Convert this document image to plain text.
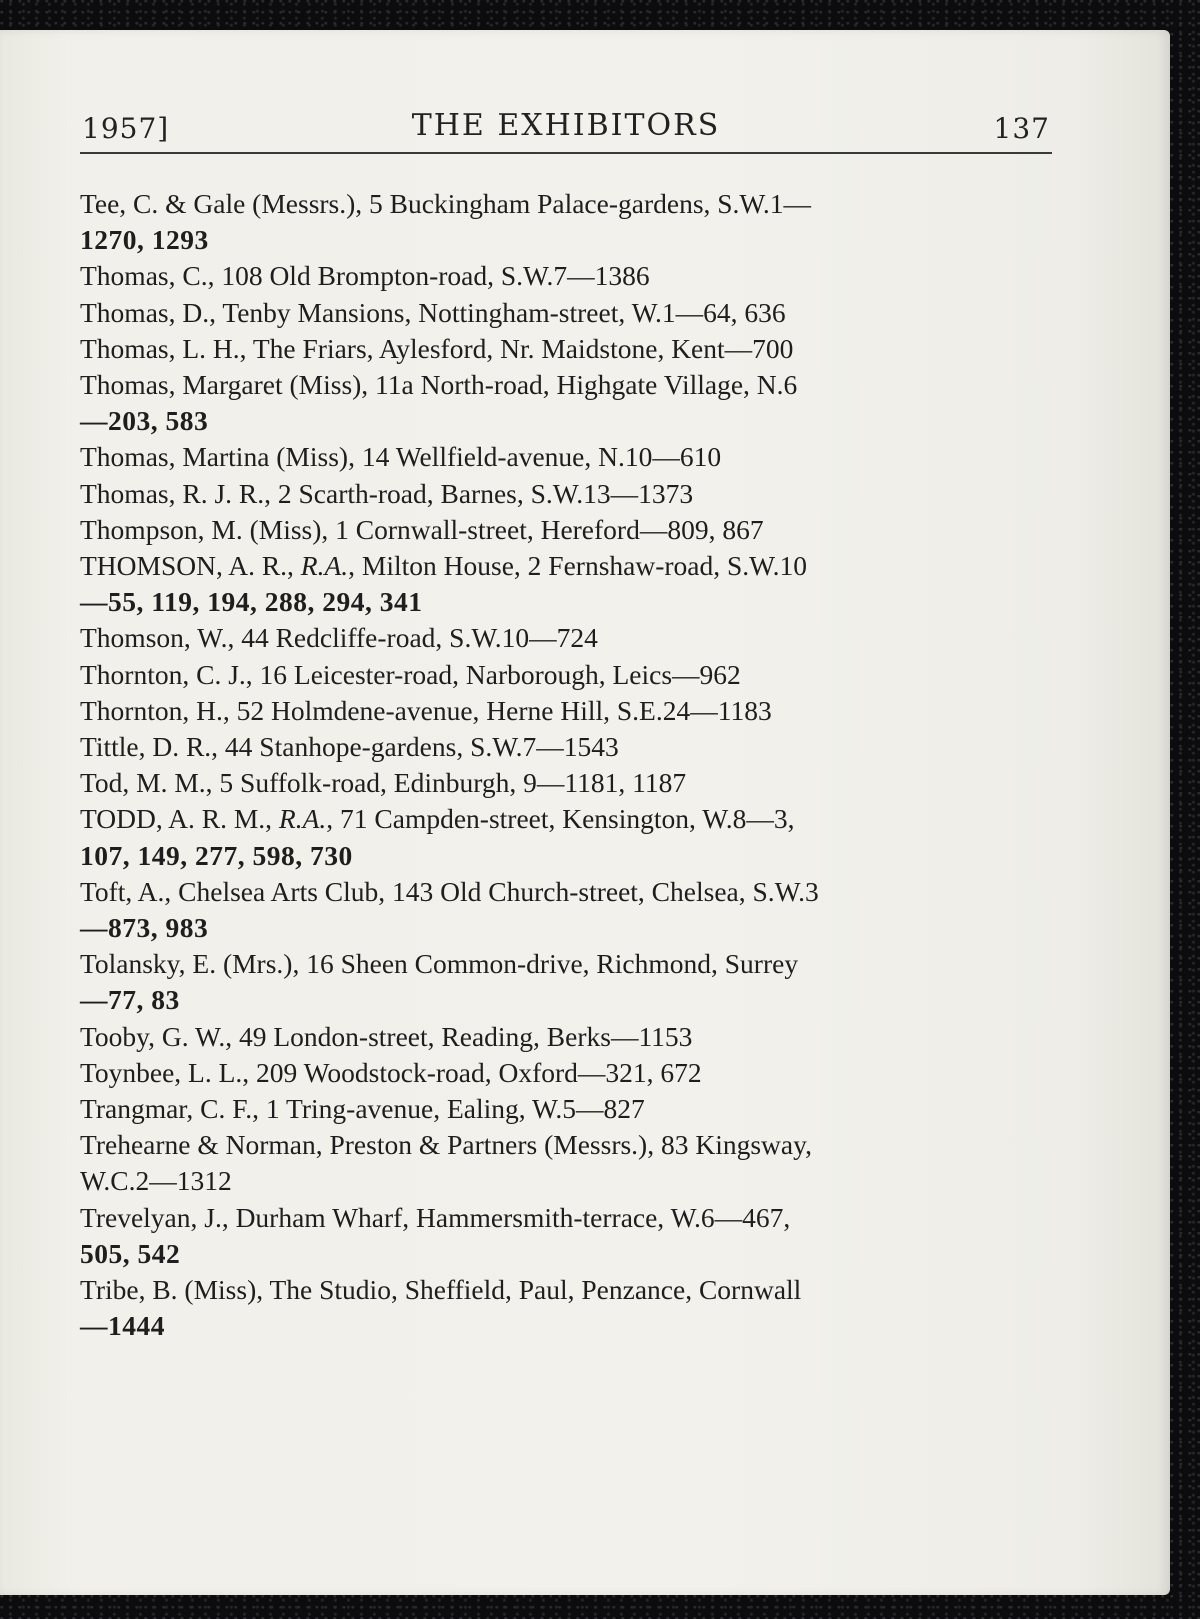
1957]	THE EXHIBITORS	137
Tee, C. & Gale (Messrs.), 5 Buckingham Palace-gardens, S.W.1—
1270, 1293
Thomas, C., 108 Old Brompton-road, S.W.7—1386
Thomas, D., Tenby Mansions, Nottingham-street, W.1—64, 636
Thomas, L. H., The Friars, Aylesford, Nr. Maidstone, Kent—700
Thomas, Margaret (Miss), 11a North-road, Highgate Village, N.6
—203, 583
Thomas, Martina (Miss), 14 Wellfield-avenue, N.10—610
Thomas, R. J. R., 2 Scarth-road, Barnes, S.W.13—1373
Thompson, M. (Miss), 1 Cornwall-street, Hereford—809, 867
THOMSON, A. R., R.A., Milton House, 2 Fernshaw-road, S.W.10
—55, 119, 194, 288, 294, 341
Thomson, W., 44 Redcliffe-road, S.W.10—724
Thornton, C. J., 16 Leicester-road, Narborough, Leics—962
Thornton, H., 52 Holmdene-avenue, Herne Hill, S.E.24—1183
Tittle, D. R., 44 Stanhope-gardens, S.W.7—1543
Tod, M. M., 5 Suffolk-road, Edinburgh, 9—1181, 1187
TODD, A. R. M., R.A., 71 Campden-street, Kensington, W.8—3,
107, 149, 277, 598, 730
Toft, A., Chelsea Arts Club, 143 Old Church-street, Chelsea, S.W.3
—873, 983
Tolansky, E. (Mrs.), 16 Sheen Common-drive, Richmond, Surrey
—77, 83
Tooby, G. W., 49 London-street, Reading, Berks—1153
Toynbee, L. L., 209 Woodstock-road, Oxford—321, 672
Trangmar, C. F., 1 Tring-avenue, Ealing, W.5—827
Trehearne & Norman, Preston & Partners (Messrs.), 83 Kingsway,
W.C.2—1312
Trevelyan, J., Durham Wharf, Hammersmith-terrace, W.6—467,
505, 542
Tribe, B. (Miss), The Studio, Sheffield, Paul, Penzance, Cornwall
—1444
